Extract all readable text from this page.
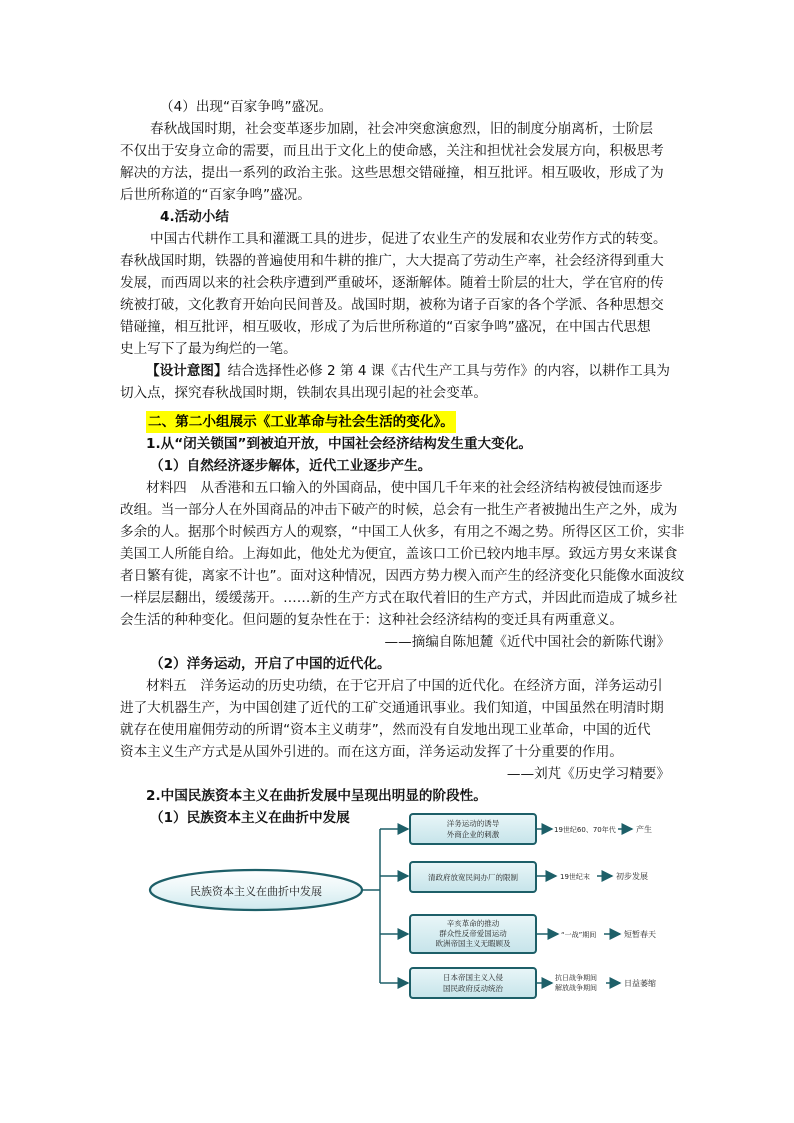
（4）出现“百家争鸣”盛况。
春秋战国时期，社会变革逐步加剧，社会冲突愈演愈烈，旧的制度分崩离析，士阶层
不仅出于安身立命的需要，而且出于文化上的使命感，关注和担忧社会发展方向，积极思考
解决的方法，提出一系列的政治主张。这些思想交错碰撞，相互批评。相互吸收，形成了为
后世所称道的“百家争鸣”盛况。
4.活动小结
中国古代耕作工具和灌溉工具的进步，促进了农业生产的发展和农业劳作方式的转变。
春秋战国时期，铁器的普遍使用和牛耕的推广，大大提高了劳动生产率，社会经济得到重大
发展，而西周以来的社会秩序遭到严重破坏，逐渐解体。随着士阶层的壮大，学在官府的传
统被打破，文化教育开始向民间普及。战国时期，被称为诸子百家的各个学派、各种思想交
错碰撞，相互批评，相互吸收，形成了为后世所称道的“百家争鸣”盛况，在中国古代思想
史上写下了最为绚烂的一笔。
【设计意图】结合选择性必修 2 第 4 课《古代生产工具与劳作》的内容，以耕作工具为
切入点，探究春秋战国时期，铁制农具出现引起的社会变革。
二、第二小组展示《工业革命与社会生活的变化》。
1.从“闭关锁国”到被迫开放，中国社会经济结构发生重大变化。
（1）自然经济逐步解体，近代工业逐步产生。
材料四　从香港和五口输入的外国商品，使中国几千年来的社会经济结构被侵蚀而逐步
改组。当一部分人在外国商品的冲击下破产的时候，总会有一批生产者被抛出生产之外，成为
多余的人。据那个时候西方人的观察，“中国工人伙多，有用之不竭之势。所得区区工价，实非
美国工人所能自给。上海如此，他处尤为便宜，盖该口工价已较内地丰厚。致远方男女来谋食
者日繁有徙，离家不计也”。面对这种情况，因西方势力楔入而产生的经济变化只能像水面波纹
一样层层翻出，缓缓荡开。……新的生产方式在取代着旧的生产方式，并因此而造成了城乡社
会生活的种种变化。但问题的复杂性在于：这种社会经济结构的变迁具有两重意义。
——摘编自陈旭麓《近代中国社会的新陈代谢》
（2）洋务运动，开启了中国的近代化。
材料五　洋务运动的历史功绩，在于它开启了中国的近代化。在经济方面，洋务运动引
进了大机器生产，为中国创建了近代的工矿交通通讯事业。我们知道，中国虽然在明清时期
就存在使用雇佣劳动的所谓“资本主义萌芽”，然而没有自发地出现工业革命，中国的近代
资本主义生产方式是从国外引进的。而在这方面，洋务运动发挥了十分重要的作用。
——刘芃《历史学习精要》
2.中国民族资本主义在曲折发展中呈现出明显的阶段性。
（1）民族资本主义在曲折中发展
民族资本主义在曲折中发展
洋务运动的诱导
外商企业的刺激	19世纪60、70年代	产生
清政府放宽民间办厂的限制	19世纪末	初步发展
辛亥革命的推动
群众性反帝爱国运动
欧洲帝国主义无暇顾及
“一战”期间	短暂春天
日本帝国主义入侵
国民政府反动统治
抗日战争期间
解放战争期间	日益萎缩
